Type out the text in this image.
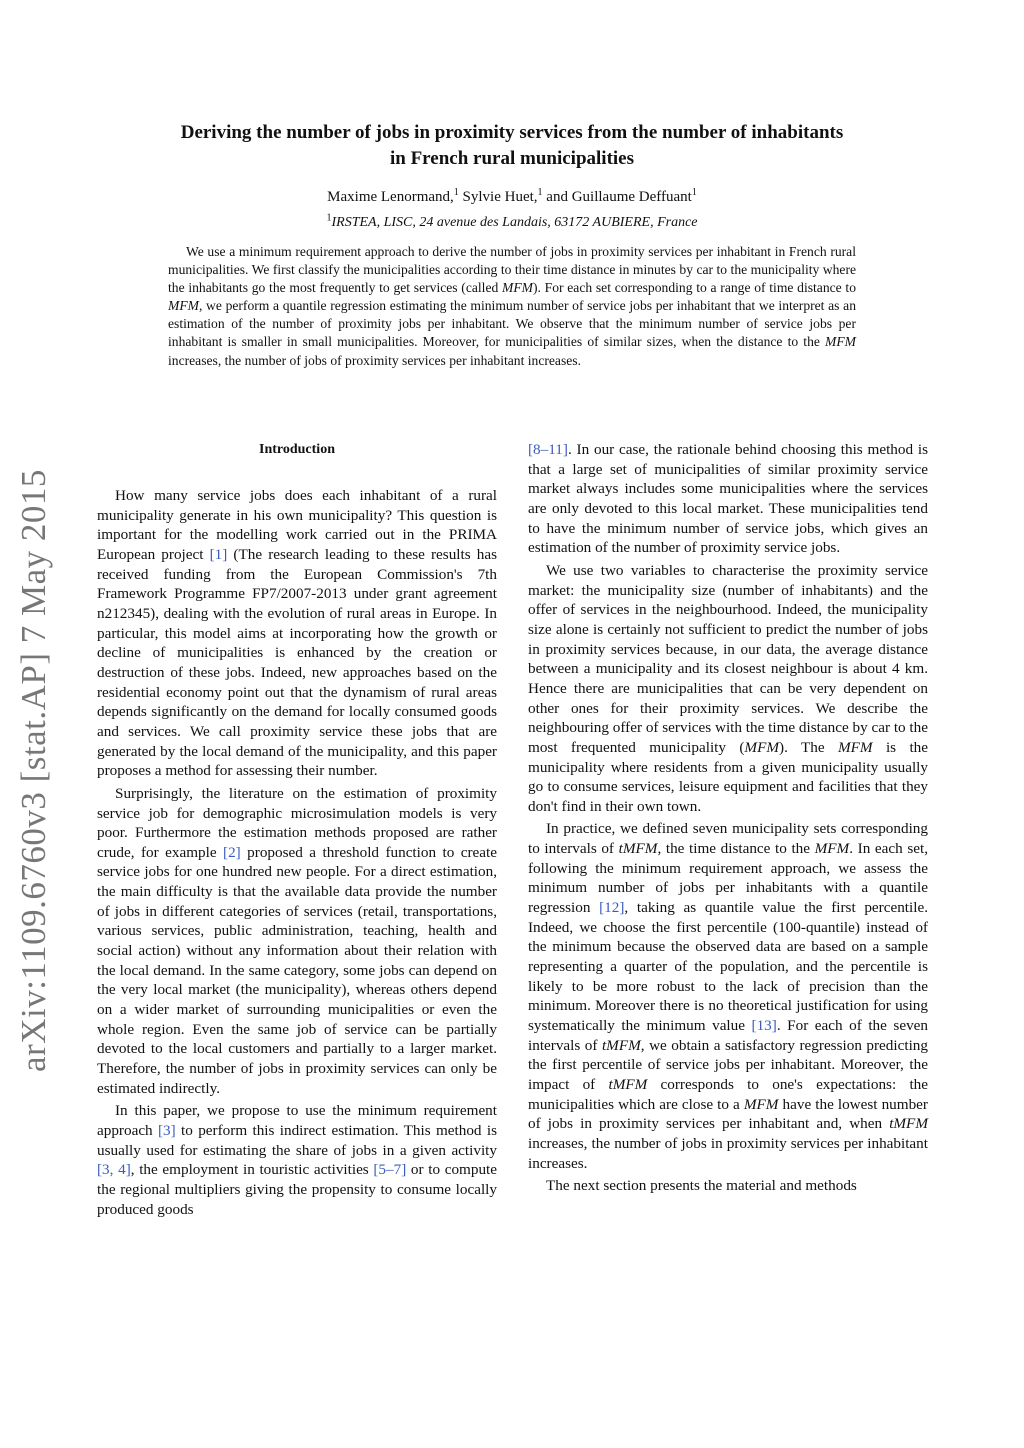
arXiv:1109.6760v3 [stat.AP] 7 May 2015
Deriving the number of jobs in proximity services from the number of inhabitants
in French rural municipalities
Maxime Lenormand,$^1$ Sylvie Huet,$^1$ and Guillaume Deffuant$^1$
$^1$IRSTEA, LISC, 24 avenue des Landais, 63172 AUBIERE, France

We use a minimum requirement approach to derive the number of jobs in proximity services per inhabitant in French rural municipalities. We first classify the municipalities according to their time distance in minutes by car to the municipality where the inhabitants go the most frequently to get services (called MFM). For each set corresponding to a range of time distance to MFM, we perform a quantile regression estimating the minimum number of service jobs per inhabitant that we interpret as an estimation of the number of proximity jobs per inhabitant. We observe that the minimum number of service jobs per inhabitant is smaller in small municipalities. Moreover, for municipalities of similar sizes, when the distance to the MFM increases, the number of jobs of proximity services per inhabitant increases.

Introduction

How many service jobs does each inhabitant of a rural municipality generate in his own municipality? This question is important for the modelling work carried out in the PRIMA European project [1] (The research leading to these results has received funding from the European Commission's 7th Framework Programme FP7/2007-2013 under grant agreement n212345), dealing with the evolution of rural areas in Europe. In particular, this model aims at incorporating how the growth or decline of municipalities is enhanced by the creation or destruction of these jobs. Indeed, new approaches based on the residential economy point out that the dynamism of rural areas depends significantly on the demand for locally consumed goods and services. We call proximity service these jobs that are generated by the local demand of the municipality, and this paper proposes a method for assessing their number.

Surprisingly, the literature on the estimation of proximity service job for demographic microsimulation models is very poor. Furthermore the estimation methods proposed are rather crude, for example [2] proposed a threshold function to create service jobs for one hundred new people. For a direct estimation, the main difficulty is that the available data provide the number of jobs in different categories of services (retail, transportations, various services, public administration, teaching, health and social action) without any information about their relation with the local demand. In the same category, some jobs can depend on the very local market (the municipality), whereas others depend on a wider market of surrounding municipalities or even the whole region. Even the same job of service can be partially devoted to the local customers and partially to a larger market. Therefore, the number of jobs in proximity services can only be estimated indirectly.

In this paper, we propose to use the minimum requirement approach [3] to perform this indirect estimation. This method is usually used for estimating the share of jobs in a given activity [3, 4], the employment in touristic activities [5–7] or to compute the regional multipliers giving the propensity to consume locally produced goods

[8–11]. In our case, the rationale behind choosing this method is that a large set of municipalities of similar proximity service market always includes some municipalities where the services are only devoted to this local market. These municipalities tend to have the minimum number of service jobs, which gives an estimation of the number of proximity service jobs.

We use two variables to characterise the proximity service market: the municipality size (number of inhabitants) and the offer of services in the neighbourhood. Indeed, the municipality size alone is certainly not sufficient to predict the number of jobs in proximity services because, in our data, the average distance between a municipality and its closest neighbour is about 4 km. Hence there are municipalities that can be very dependent on other ones for their proximity services. We describe the neighbouring offer of services with the time distance by car to the most frequented municipality (MFM). The MFM is the municipality where residents from a given municipality usually go to consume services, leisure equipment and facilities that they don't find in their own town.

In practice, we defined seven municipality sets corresponding to intervals of tMFM, the time distance to the MFM. In each set, following the minimum requirement approach, we assess the minimum number of jobs per inhabitants with a quantile regression [12], taking as quantile value the first percentile. Indeed, we choose the first percentile (100-quantile) instead of the minimum because the observed data are based on a sample representing a quarter of the population, and the percentile is likely to be more robust to the lack of precision than the minimum. Moreover there is no theoretical justification for using systematically the minimum value [13]. For each of the seven intervals of tMFM, we obtain a satisfactory regression predicting the first percentile of service jobs per inhabitant. Moreover, the impact of tMFM corresponds to one's expectations: the municipalities which are close to a MFM have the lowest number of jobs in proximity services per inhabitant and, when tMFM increases, the number of jobs in proximity services per inhabitant increases.

The next section presents the material and methods
